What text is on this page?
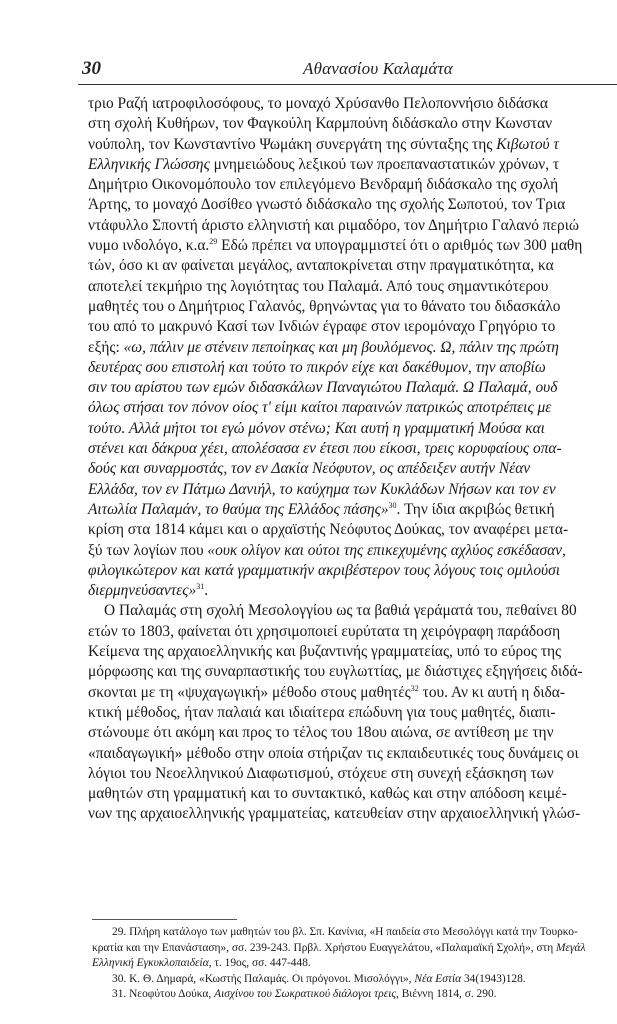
30	Αθανασίου Καλαμάτα
τριο Ραζή ιατροφιλοσόφους, το μοναχό Χρύσανθο Πελοποννήσιο διδάσκα
στη σχολή Κυθήρων, τον Φαγκούλη Καρμπούνη διδάσκαλο στην Κωνσταν
νούπολη, τον Κωνσταντίνο Ψωμάκη συνεργάτη της σύνταξης της Κιβωτού τ
Ελληνικής Γλώσσης μνημειώδους λεξικού των προεπαναστατικών χρόνων, τ
Δημήτριο Οικονομόπουλο τον επιλεγόμενο Βενδραμή διδάσκαλο της σχολή
Άρτης, το μοναχό Δοσίθεο γνωστό διδάσκαλο της σχολής Σωποτού, τον Τρια
ντάφυλλο Σποντή άριστο ελληνιστή και ριμαδόρο, τον Δημήτριο Γαλανό περιώ
νυμο ινδολόγο, κ.α.$^{29}$ Εδώ πρέπει να υπογραμμιστεί ότι ο αριθμός των 300 μαθη
τών, όσο κι αν φαίνεται μεγάλος, ανταποκρίνεται στην πραγματικότητα, κα
αποτελεί τεκμήριο της λογιότητας του Παλαμά. Από τους σημαντικότερου
μαθητές του ο Δημήτριος Γαλανός, θρηνώντας για το θάνατο του διδασκάλο
του από το μακρυνό Κασί των Ινδιών έγραφε στον ιερομόναχο Γρηγόριο το
εξής: «ω, πάλιν με στένειν πεποίηκας και μη βουλόμενος. Ω, πάλιν της πρώτη
δευτέρας σου επιστολή και τούτο το πικρόν είχε και δακέθυμον, την αποβίω
σιν του αρίστου των εμών διδασκάλων Παναγιώτου Παλαμά. Ω Παλαμά, ουδ
όλως στήσαι τον πόνον οίος τ' είμι καίτοι παραινών πατρικώς αποτρέπεις με
τούτο. Αλλά μήτοι τοι εγώ μόνον στένω; Και αυτή η γραμματική Μούσα και
στένει και δάκρυα χέει, απολέσασα εν έτεσι που είκοσι, τρεις κορυφαίους οπα-
δούς και συναρμοστάς, τον εν Δακία Νεόφυτον, ος απέδειξεν αυτήν Νέαν
Ελλάδα, τον εν Πάτμω Δανιήλ, το καύχημα των Κυκλάδων Νήσων και τον εν
Αιτωλία Παλαμάν, το θαύμα της Ελλάδος πάσης»$^{30}$. Την ίδια ακριβώς θετική
κρίση στα 1814 κάμει και ο αρχαϊστής Νεόφυτος Δούκας, τον αναφέρει μετα-
ξύ των λογίων που «ουκ ολίγον και ούτοι της επικεχυμένης αχλύος εσκέδασαν,
φιλογικώτερον και κατά γραμματικήν ακριβέστερον τους λόγους τοις ομιλούσι
διερμηνεύσαντες»$^{31}$.
Ο Παλαμάς στη σχολή Μεσολογγίου ως τα βαθιά γεράματά του, πεθαίνει 80
ετών το 1803, φαίνεται ότι χρησιμοποιεί ευρύτατα τη χειρόγραφη παράδοση
Κείμενα της αρχαιοελληνικής και βυζαντινής γραμματείας, υπό το εύρος της
μόρφωσης και της συναρπαστικής του ευγλωττίας, με διάστιχες εξηγήσεις διδά-
σκονται με τη «ψυχαγωγική» μέθοδο στους μαθητές$^{32}$ του. Αν κι αυτή η διδα-
κτική μέθοδος, ήταν παλαιά και ιδιαίτερα επώδυνη για τους μαθητές, διαπι-
στώνουμε ότι ακόμη και προς το τέλος του 18ου αιώνα, σε αντίθεση με την
«παιδαγωγική» μέθοδο στην οποία στήριζαν τις εκπαιδευτικές τους δυνάμεις οι
λόγιοι του Νεοελληνικού Διαφωτισμού, στόχευε στη συνεχή εξάσκηση των
μαθητών στη γραμματική και το συντακτικό, καθώς και στην απόδοση κειμέ-
νων της αρχαιοελληνικής γραμματείας, κατευθείαν στην αρχαιοελληνική γλώσ-
29. Πλήρη κατάλογο των μαθητών του βλ. Σπ. Κανίνια, «Η παιδεία στο Μεσολόγγι κατά την Τουρκο-
κρατία και την Επανάσταση», σσ. 239-243. Πρβλ. Χρήστου Ευαγγελάτου, «Παλαμαϊκή Σχολή», στη Μεγάλ
Ελληνική Εγκυκλοπαιδεία, τ. 19ος, σσ. 447-448.
30. Κ. Θ. Δημαρά, «Κωστής Παλαμάς. Οι πρόγονοι. Μισολόγγι», Νέα Εστία 34(1943)128.
31. Νεοφύτου Δούκα, Αισχίνου του Σωκρατικού διάλογοι τρεις, Βιέννη 1814, σ. 290.
